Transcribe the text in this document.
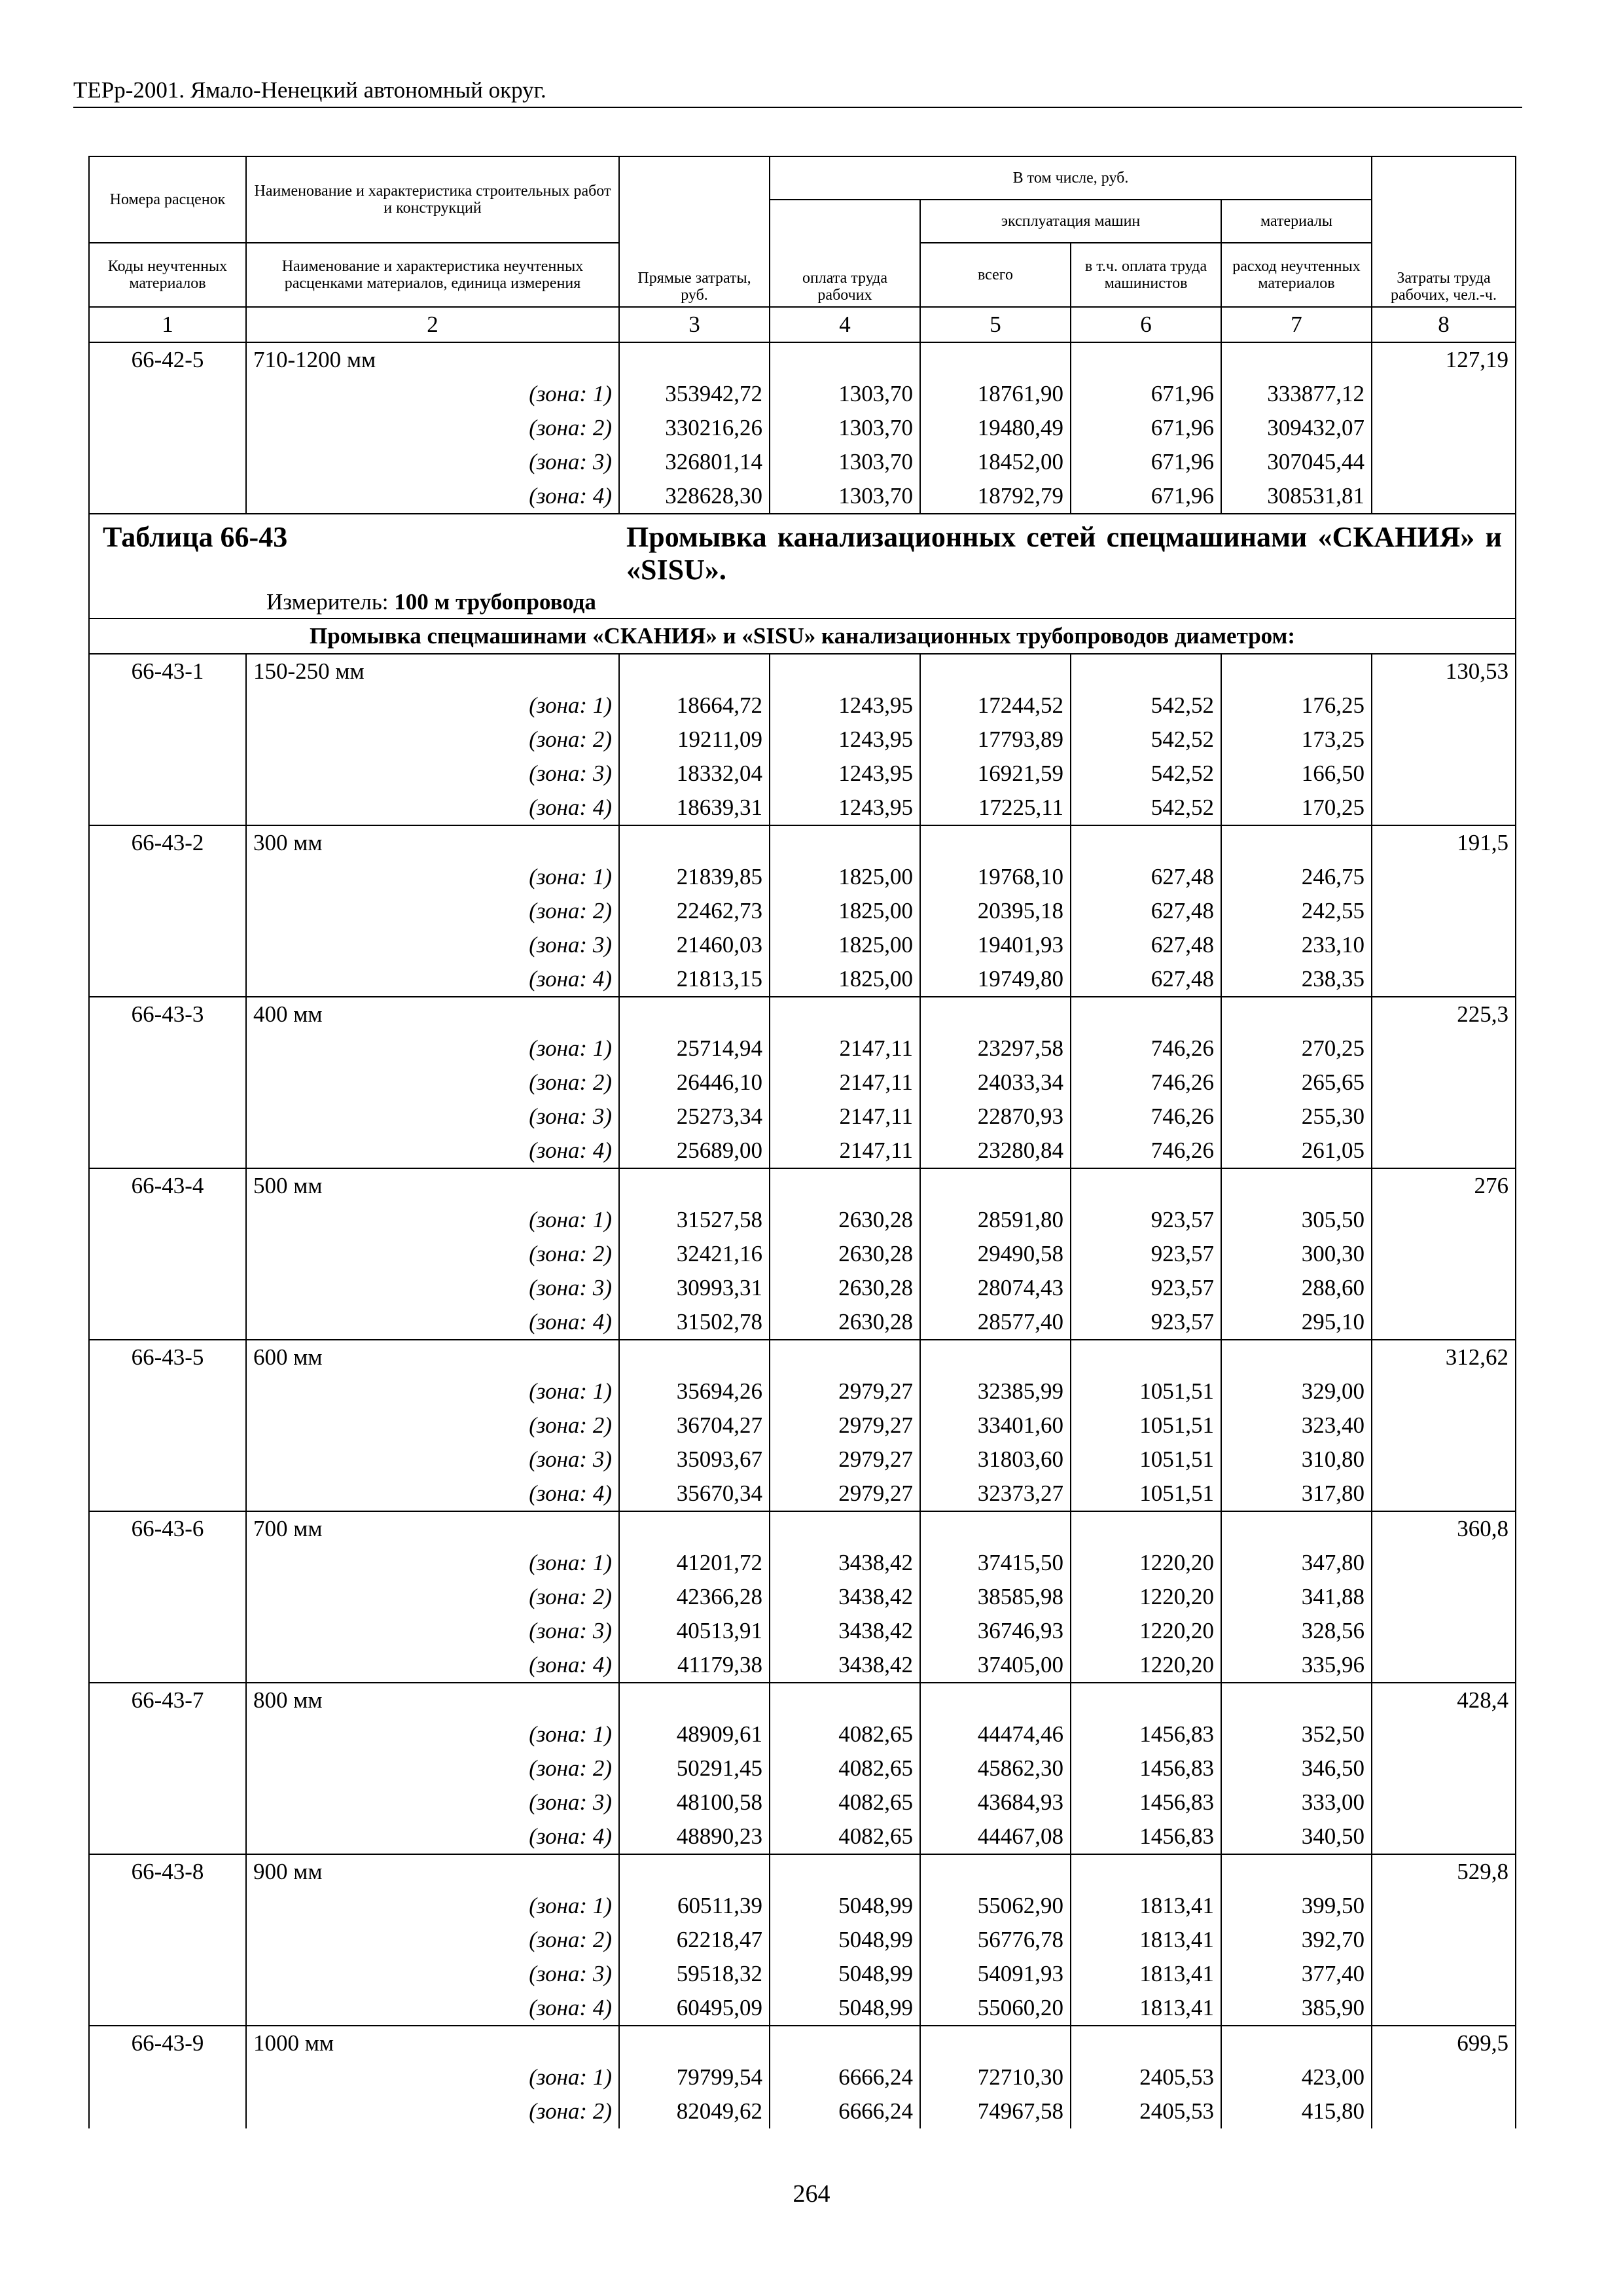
ТЕРр-2001. Ямало-Ненецкий автономный округ.
Номера расценок	Наименование и характеристика строительных работ и конструкций	Прямые затраты, руб.	В том числе, руб.				Затраты труда рабочих, чел.-ч.
			оплата труда рабочих	эксплуатация машин		материалы	
Коды неучтенных материалов	Наименование и характеристика неучтенных расценками материалов, единица измерения			всего	в т.ч. оплата труда машинистов	расход неучтенных материалов	
1	2	3	4	5	6	7	8
66-42-5	710-1200 мм						127,19
	(зона: 1)	353942,72	1303,70	18761,90	671,96	333877,12	
	(зона: 2)	330216,26	1303,70	19480,49	671,96	309432,07	
	(зона: 3)	326801,14	1303,70	18452,00	671,96	307045,44	
	(зона: 4)	328628,30	1303,70	18792,79	671,96	308531,81	

Таблица 66-43 Промывка канализационных сетей спецмашинами «СКАНИЯ» и «SISU».
Измеритель: 100 м трубопровода							

Промывка спецмашинами «СКАНИЯ» и «SISU» канализационных трубопроводов диаметром:							
66-43-1	150-250 мм						130,53
	(зона: 1)	18664,72	1243,95	17244,52	542,52	176,25	
	(зона: 2)	19211,09	1243,95	17793,89	542,52	173,25	
	(зона: 3)	18332,04	1243,95	16921,59	542,52	166,50	
	(зона: 4)	18639,31	1243,95	17225,11	542,52	170,25	
66-43-2	300 мм						191,5
	(зона: 1)	21839,85	1825,00	19768,10	627,48	246,75	
	(зона: 2)	22462,73	1825,00	20395,18	627,48	242,55	
	(зона: 3)	21460,03	1825,00	19401,93	627,48	233,10	
	(зона: 4)	21813,15	1825,00	19749,80	627,48	238,35	
66-43-3	400 мм						225,3
	(зона: 1)	25714,94	2147,11	23297,58	746,26	270,25	
	(зона: 2)	26446,10	2147,11	24033,34	746,26	265,65	
	(зона: 3)	25273,34	2147,11	22870,93	746,26	255,30	
	(зона: 4)	25689,00	2147,11	23280,84	746,26	261,05	
66-43-4	500 мм						276
	(зона: 1)	31527,58	2630,28	28591,80	923,57	305,50	
	(зона: 2)	32421,16	2630,28	29490,58	923,57	300,30	
	(зона: 3)	30993,31	2630,28	28074,43	923,57	288,60	
	(зона: 4)	31502,78	2630,28	28577,40	923,57	295,10	
66-43-5	600 мм						312,62
	(зона: 1)	35694,26	2979,27	32385,99	1051,51	329,00	
	(зона: 2)	36704,27	2979,27	33401,60	1051,51	323,40	
	(зона: 3)	35093,67	2979,27	31803,60	1051,51	310,80	
	(зона: 4)	35670,34	2979,27	32373,27	1051,51	317,80	
66-43-6	700 мм						360,8
	(зона: 1)	41201,72	3438,42	37415,50	1220,20	347,80	
	(зона: 2)	42366,28	3438,42	38585,98	1220,20	341,88	
	(зона: 3)	40513,91	3438,42	36746,93	1220,20	328,56	
	(зона: 4)	41179,38	3438,42	37405,00	1220,20	335,96	
66-43-7	800 мм						428,4
	(зона: 1)	48909,61	4082,65	44474,46	1456,83	352,50	
	(зона: 2)	50291,45	4082,65	45862,30	1456,83	346,50	
	(зона: 3)	48100,58	4082,65	43684,93	1456,83	333,00	
	(зона: 4)	48890,23	4082,65	44467,08	1456,83	340,50	
66-43-8	900 мм						529,8
	(зона: 1)	60511,39	5048,99	55062,90	1813,41	399,50	
	(зона: 2)	62218,47	5048,99	56776,78	1813,41	392,70	
	(зона: 3)	59518,32	5048,99	54091,93	1813,41	377,40	
	(зона: 4)	60495,09	5048,99	55060,20	1813,41	385,90	
66-43-9	1000 мм						699,5
	(зона: 1)	79799,54	6666,24	72710,30	2405,53	423,00	
	(зона: 2)	82049,62	6666,24	74967,58	2405,53	415,80	
264
